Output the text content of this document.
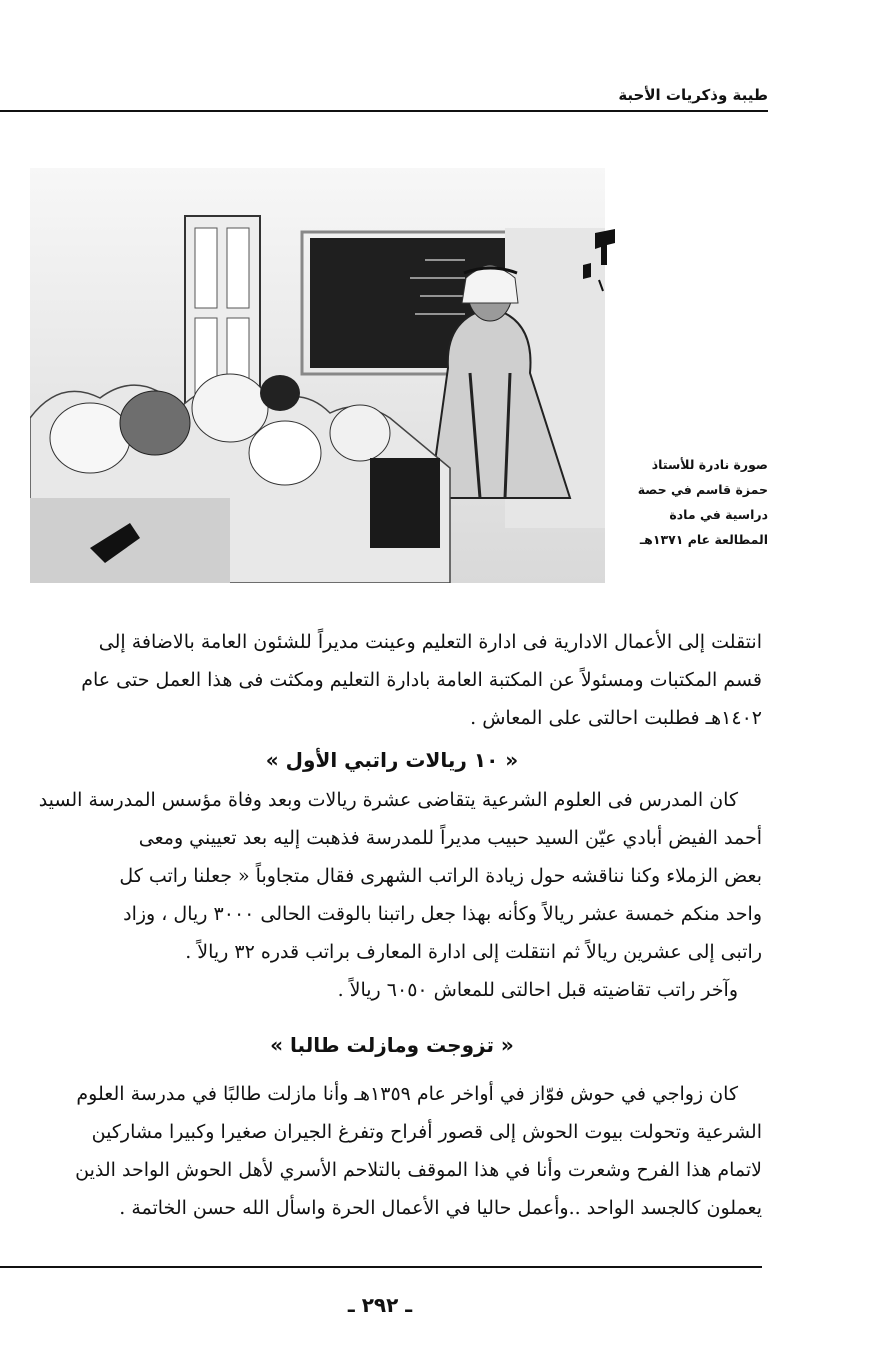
طيبة وذكريات الأحبة
صورة نادرة للأستاذ
حمزة قاسم في حصة
دراسية في مادة
المطالعة عام ١٣٧١هـ

انتقلت إلى الأعمال الادارية فى ادارة التعليم وعينت مديراً للشئون العامة بالاضافة إلى

قسم المكتبات ومسئولاً عن المكتبة العامة بادارة التعليم ومكثت فى هذا العمل حتى عام

١٤٠٢هـ فطلبت احالتى على المعاش .

« ١٠ ريالات راتبي الأول »

كان المدرس فى العلوم الشرعية يتقاضى عشرة ريالات وبعد وفاة مؤسس المدرسة السيد

أحمد الفيض أبادي عيّن السيد حبيب مديراً للمدرسة فذهبت إليه بعد تعييني ومعى

بعض الزملاء وكنا نناقشه حول زيادة الراتب الشهرى فقال متجاوباً « جعلنا راتب كل

واحد منكم خمسة عشر ريالاً وكأنه بهذا جعل راتبنا بالوقت الحالى ٣٠٠٠ ريال ، وزاد

راتبى إلى عشرين ريالاً ثم انتقلت إلى ادارة المعارف براتب قدره ٣٢ ريالاً .

وآخر راتب تقاضيته قبل احالتى للمعاش ٦٠٥٠ ريالاً .

« تزوجت ومازلت طالبا »

كان زواجي في حوش فوّاز في أواخر عام ١٣٥٩هـ وأنا مازلت طالبًا في مدرسة العلوم

الشرعية وتحولت بيوت الحوش إلى قصور أفراح وتفرغ الجيران صغيرا وكبيرا مشاركين

لاتمام هذا الفرح وشعرت وأنا في هذا الموقف بالتلاحم الأسري لأهل الحوش الواحد الذين

يعملون كالجسد الواحد ..وأعمل حاليا في الأعمال الحرة واسأل الله حسن الخاتمة .

ـ ٢٩٢ ـ
